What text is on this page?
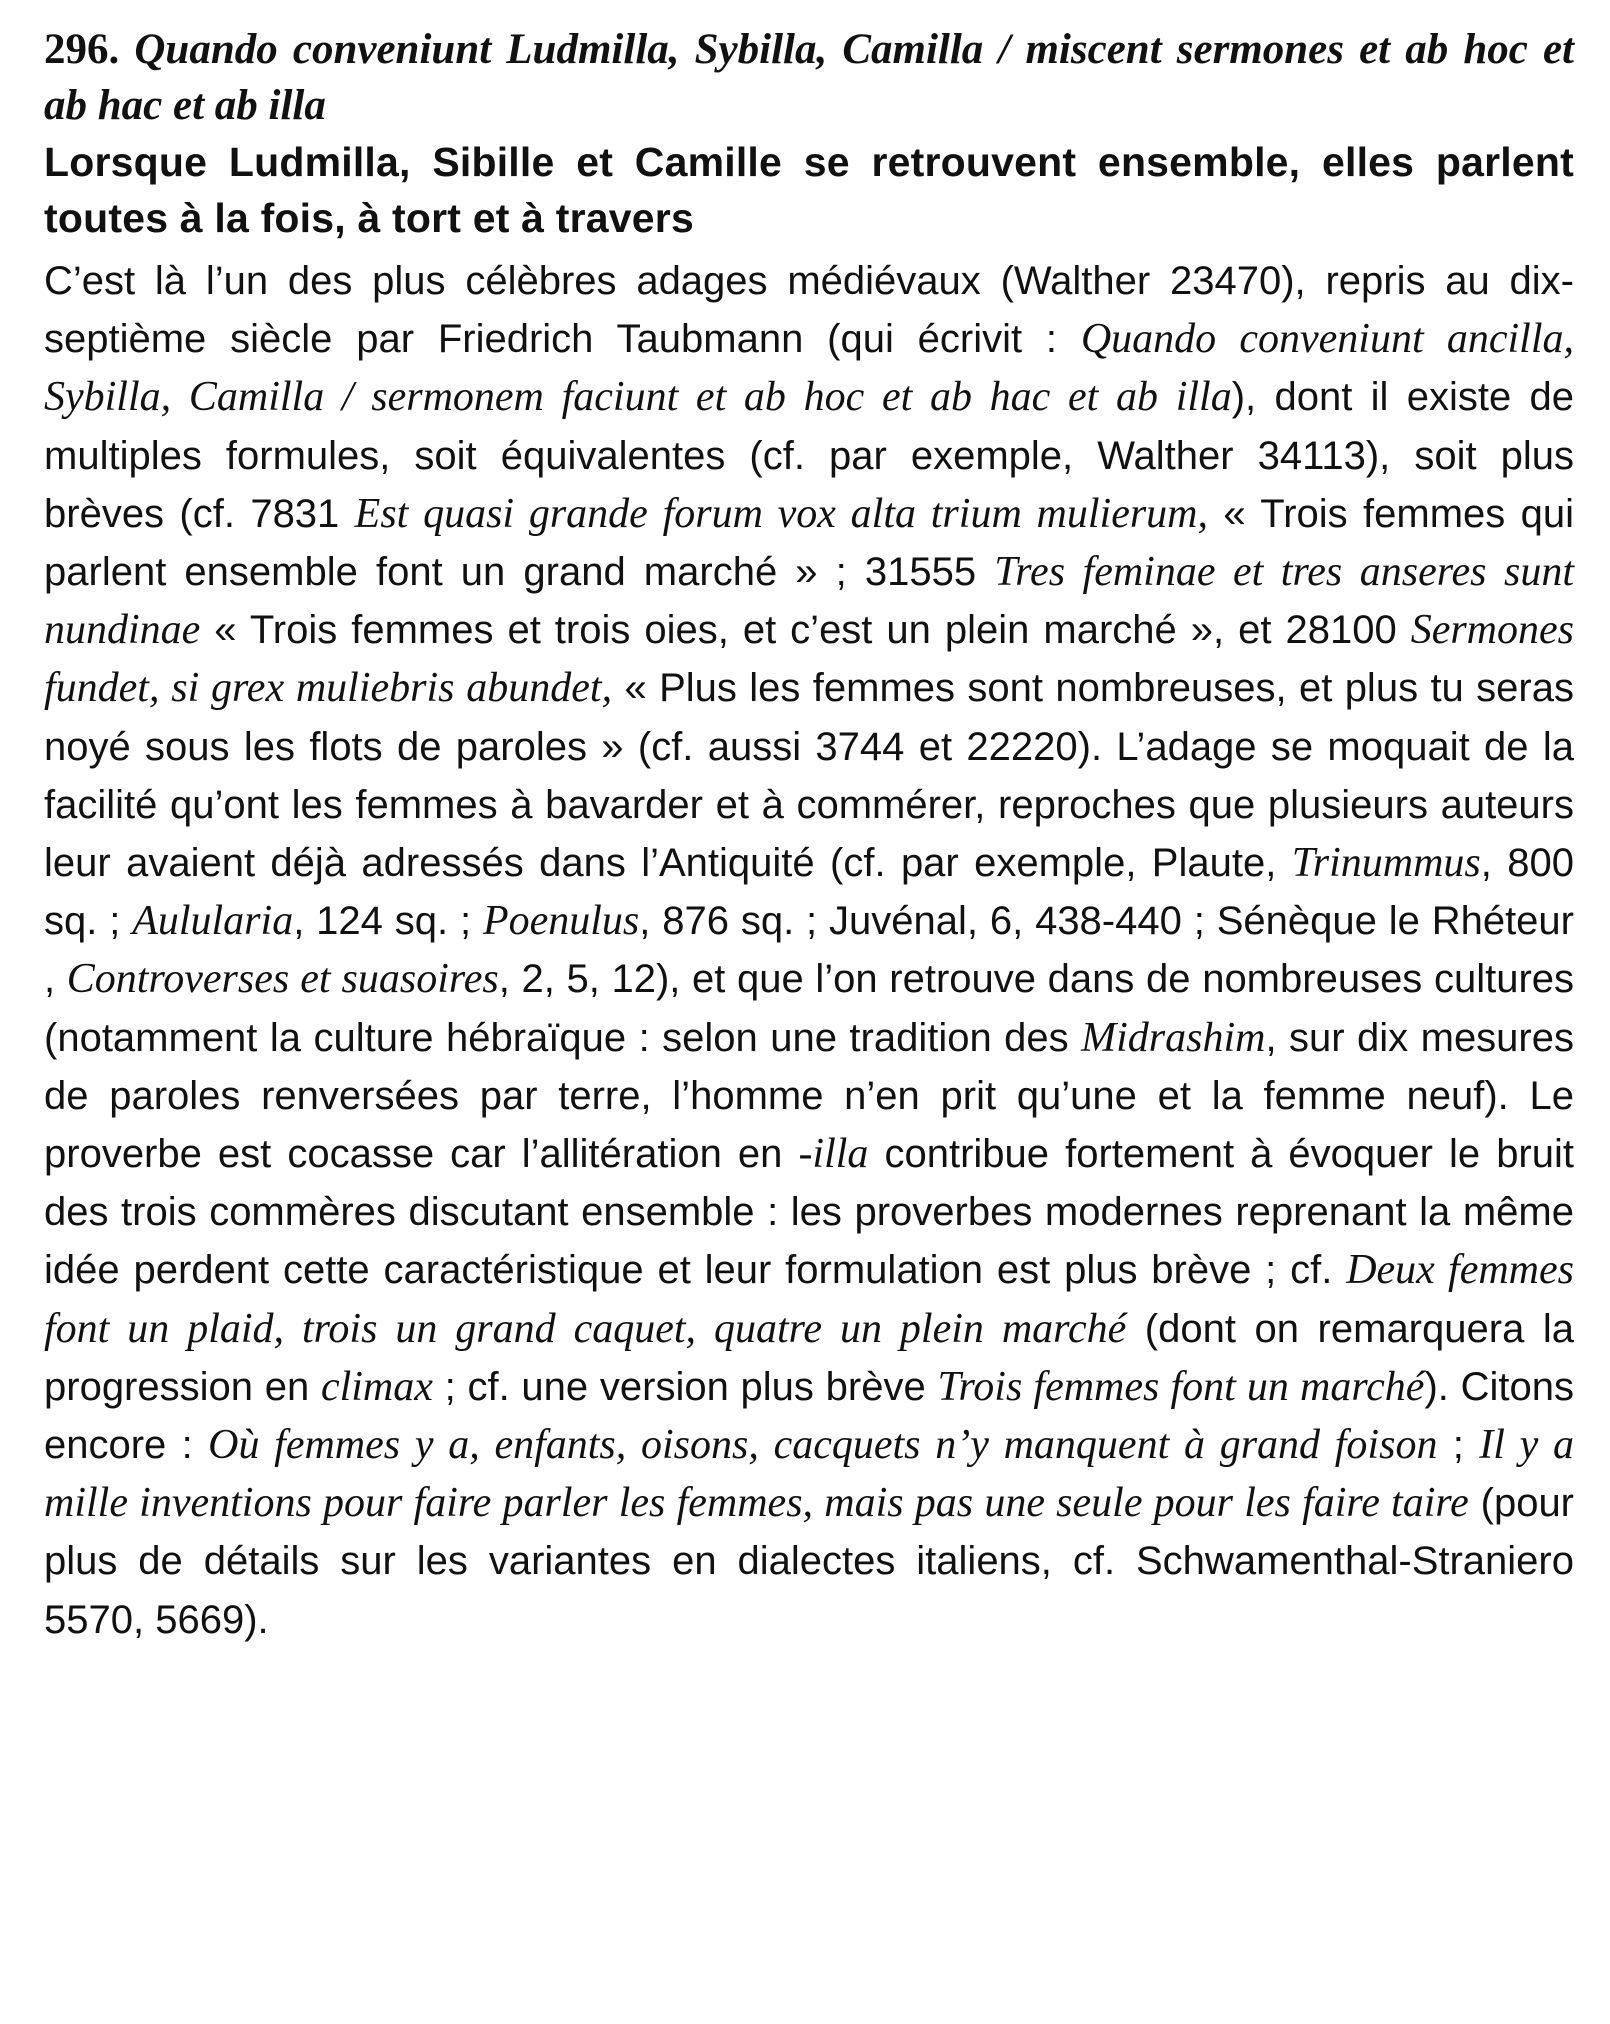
296. Quando conveniunt Ludmilla, Sybilla, Camilla / miscent sermones et ab hoc et ab hac et ab illa

Lorsque Ludmilla, Sibille et Camille se retrouvent ensemble, elles parlent toutes à la fois, à tort et à travers

C’est là l’un des plus célèbres adages médiévaux (Walther 23470), repris au dix-septième siècle par Friedrich Taubmann (qui écrivit : Quando conveniunt ancilla, Sybilla, Camilla / sermonem faciunt et ab hoc et ab hac et ab illa), dont il existe de multiples formules, soit équivalentes (cf. par exemple, Walther 34113), soit plus brèves (cf. 7831 Est quasi grande forum vox alta trium mulierum, « Trois femmes qui parlent ensemble font un grand marché » ; 31555 Tres feminae et tres anseres sunt nundinae « Trois femmes et trois oies, et c’est un plein marché », et 28100 Sermones fundet, si grex muliebris abundet, « Plus les femmes sont nombreuses, et plus tu seras noyé sous les flots de paroles » (cf. aussi 3744 et 22220). L’adage se moquait de la facilité qu’ont les femmes à bavarder et à commérer, reproches que plusieurs auteurs leur avaient déjà adressés dans l’Antiquité (cf. par exemple, Plaute, Trinummus, 800 sq. ; Aulularia, 124 sq. ; Poenulus, 876 sq. ; Juvénal, 6, 438-440 ; Sénèque le Rhéteur , Controverses et suasoires, 2, 5, 12), et que l’on retrouve dans de nombreuses cultures (notamment la culture hébraïque : selon une tradition des Midrashim, sur dix mesures de paroles renversées par terre, l’homme n’en prit qu’une et la femme neuf). Le proverbe est cocasse car l’allitération en -illa contribue fortement à évoquer le bruit des trois commères discutant ensemble : les proverbes modernes reprenant la même idée perdent cette caractéristique et leur formulation est plus brève ; cf. Deux femmes font un plaid, trois un grand caquet, quatre un plein marché (dont on remarquera la progression en climax ; cf. une version plus brève Trois femmes font un marché). Citons encore : Où femmes y a, enfants, oisons, cacquets n’y manquent à grand foison ; Il y a mille inventions pour faire parler les femmes, mais pas une seule pour les faire taire (pour plus de détails sur les variantes en dialectes italiens, cf. Schwamenthal-Straniero 5570, 5669).
